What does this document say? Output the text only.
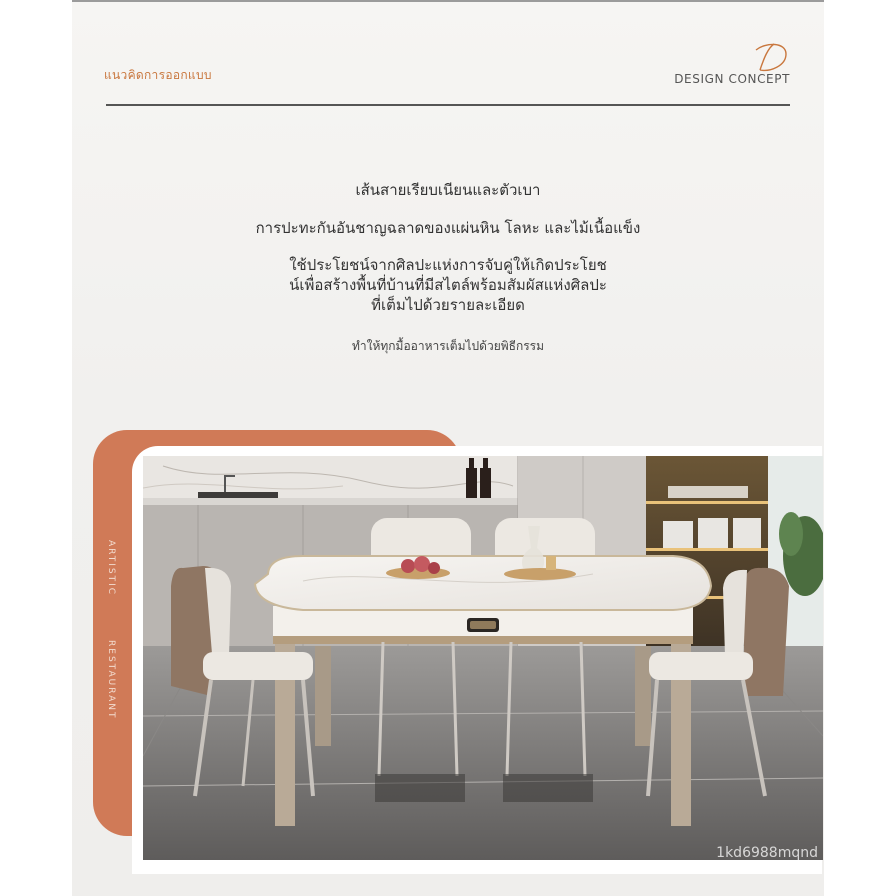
แนวคิดการออกแบบ	DESIGN CONCEPT
เส้นสายเรียบเนียนและตัวเบา
การปะทะกันอันชาญฉลาดของแผ่นหิน โลหะ และไม้เนื้อแข็ง
ใช้ประโยชน์จากศิลปะแห่งการจับคู่ให้เกิดประโยช
น์เพื่อสร้างพื้นที่บ้านที่มีสไตล์พร้อมสัมผัสแห่งศิลปะ
ที่เต็มไปด้วยรายละเอียด
ทำให้ทุกมื้ออาหารเต็มไปด้วยพิธีกรรม
ARTISTIC
RESTAURANT
1kd6988mqnd
